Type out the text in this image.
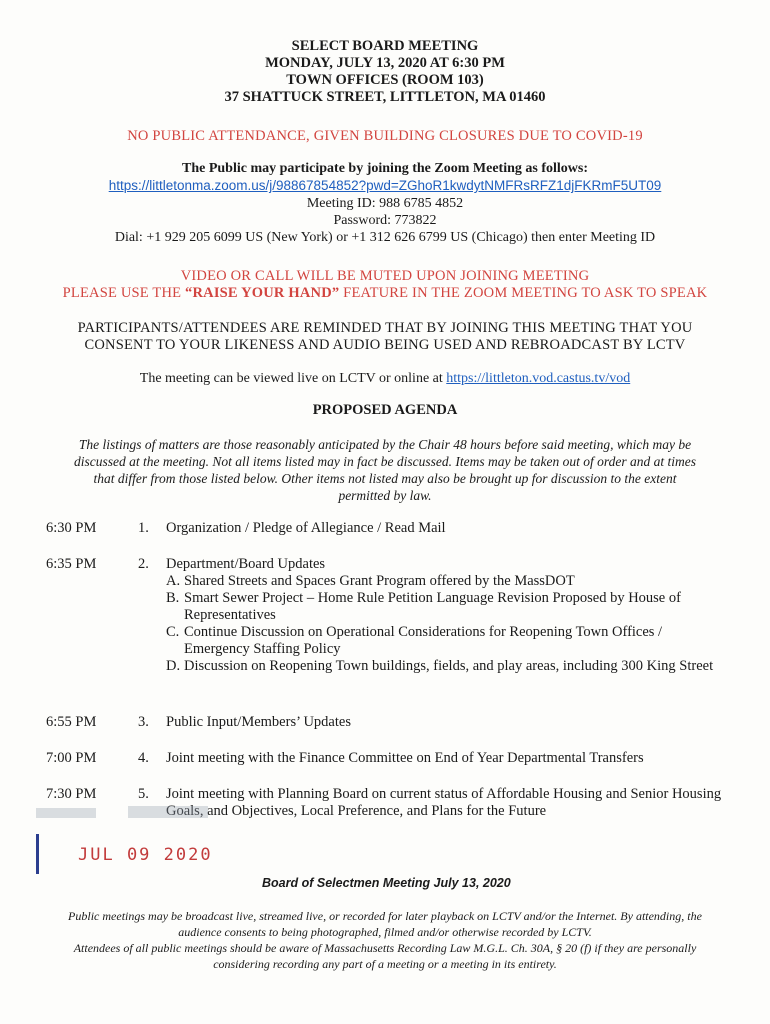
SELECT BOARD MEETING
MONDAY, JULY 13, 2020 AT 6:30 PM
TOWN OFFICES (ROOM 103)
37 SHATTUCK STREET, LITTLETON, MA 01460
NO PUBLIC ATTENDANCE, GIVEN BUILDING CLOSURES DUE TO COVID-19
The Public may participate by joining the Zoom Meeting as follows:
https://littletonma.zoom.us/j/98867854852?pwd=ZGhoR1kwdytNMFRsRFZ1djFKRmF5UT09
Meeting ID: 988 6785 4852
Password: 773822
Dial: +1 929 205 6099 US (New York) or +1 312 626 6799 US (Chicago) then enter Meeting ID
VIDEO OR CALL WILL BE MUTED UPON JOINING MEETING
PLEASE USE THE “RAISE YOUR HAND” FEATURE IN THE ZOOM MEETING TO ASK TO SPEAK
PARTICIPANTS/ATTENDEES ARE REMINDED THAT BY JOINING THIS MEETING THAT YOU
CONSENT TO YOUR LIKENESS AND AUDIO BEING USED AND REBROADCAST BY LCTV
The meeting can be viewed live on LCTV or online at https://littleton.vod.castus.tv/vod
PROPOSED AGENDA
The listings of matters are those reasonably anticipated by the Chair 48 hours before said meeting, which may be
discussed at the meeting. Not all items listed may in fact be discussed. Items may be taken out of order and at times
that differ from those listed below. Other items not listed may also be brought up for discussion to the extent
permitted by law.
6:30 PM	1.	Organization / Pledge of Allegiance / Read Mail
6:35 PM	2.	Department/Board Updates
A. Shared Streets and Spaces Grant Program offered by the MassDOT
B. Smart Sewer Project – Home Rule Petition Language Revision Proposed by House of Representatives
C. Continue Discussion on Operational Considerations for Reopening Town Offices / Emergency Staffing Policy
D. Discussion on Reopening Town buildings, fields, and play areas, including 300 King Street
6:55 PM	3.	Public Input/Members’ Updates
7:00 PM	4.	Joint meeting with the Finance Committee on End of Year Departmental Transfers
7:30 PM	5.	Joint meeting with Planning Board on current status of Affordable Housing and Senior Housing Goals, and Objectives, Local Preference, and Plans for the Future
JUL 09 2020
Board of Selectmen Meeting July 13, 2020
Public meetings may be broadcast live, streamed live, or recorded for later playback on LCTV and/or the Internet. By attending, the
audience consents to being photographed, filmed and/or otherwise recorded by LCTV.
Attendees of all public meetings should be aware of Massachusetts Recording Law M.G.L. Ch. 30A, § 20 (f) if they are personally
considering recording any part of a meeting or a meeting in its entirety.
